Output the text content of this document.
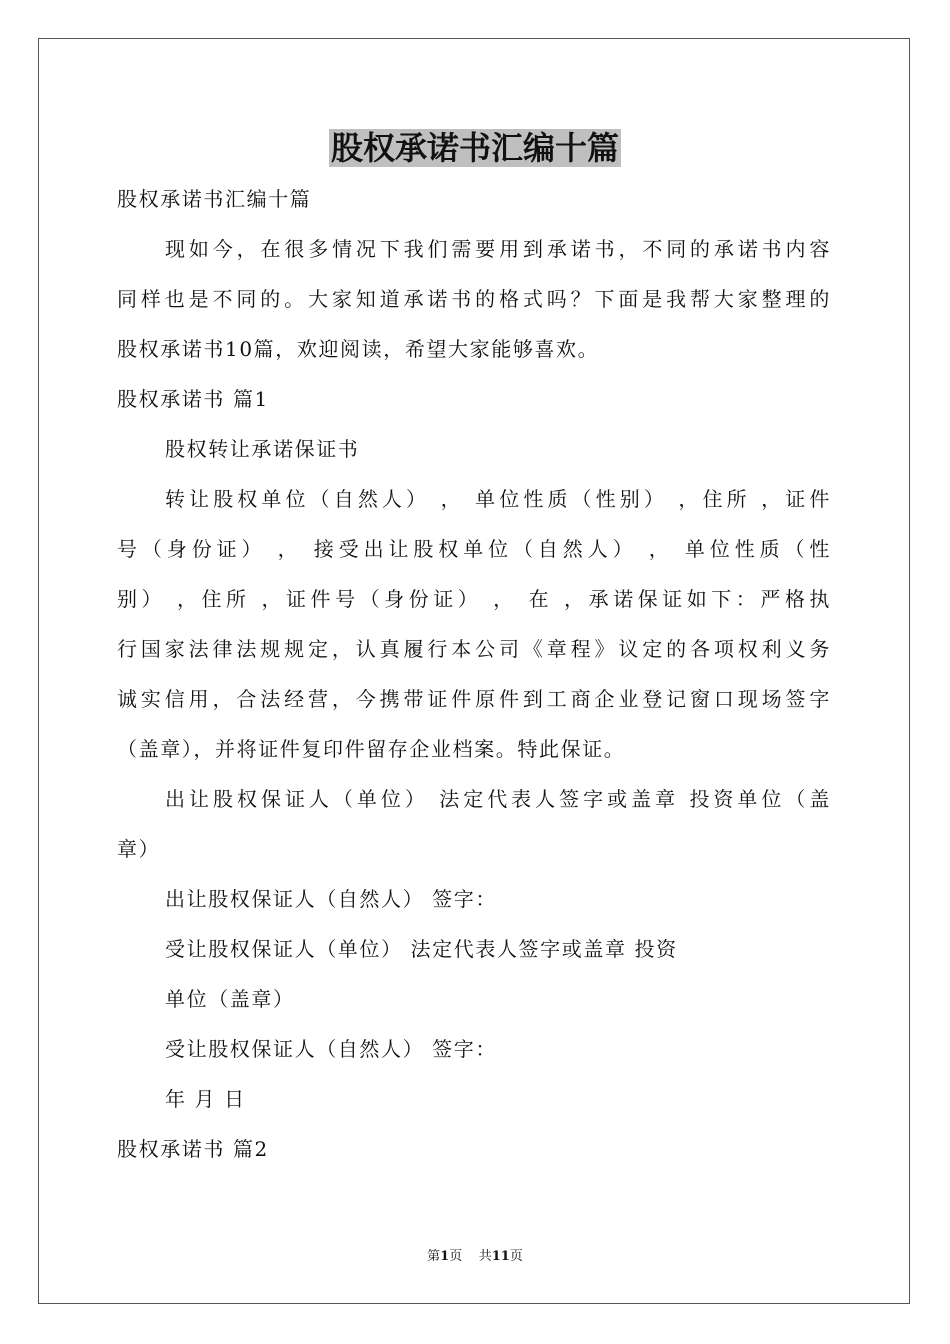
股权承诺书汇编十篇
股权承诺书汇编十篇
现如今，在很多情况下我们需要用到承诺书，不同的承诺书内容
同样也是不同的。大家知道承诺书的格式吗？下面是我帮大家整理的
股权承诺书10篇，欢迎阅读，希望大家能够喜欢。
股权承诺书 篇1
股权转让承诺保证书
转让股权单位（自然人） ， 单位性质（性别） ，住所 ，证件
号（身份证） ， 接受出让股权单位（自然人） ， 单位性质（性
别） ，住所 ，证件号（身份证） ， 在 ，承诺保证如下：严格执
行国家法律法规规定，认真履行本公司《章程》议定的各项权利义务
诚实信用，合法经营，今携带证件原件到工商企业登记窗口现场签字
（盖章），并将证件复印件留存企业档案。特此保证。
出让股权保证人（单位） 法定代表人签字或盖章 投资单位（盖
章）
出让股权保证人（自然人） 签字：
受让股权保证人（单位） 法定代表人签字或盖章 投资
单位（盖章）
受让股权保证人（自然人） 签字：
年 月 日
股权承诺书 篇2
第1页    共11页
